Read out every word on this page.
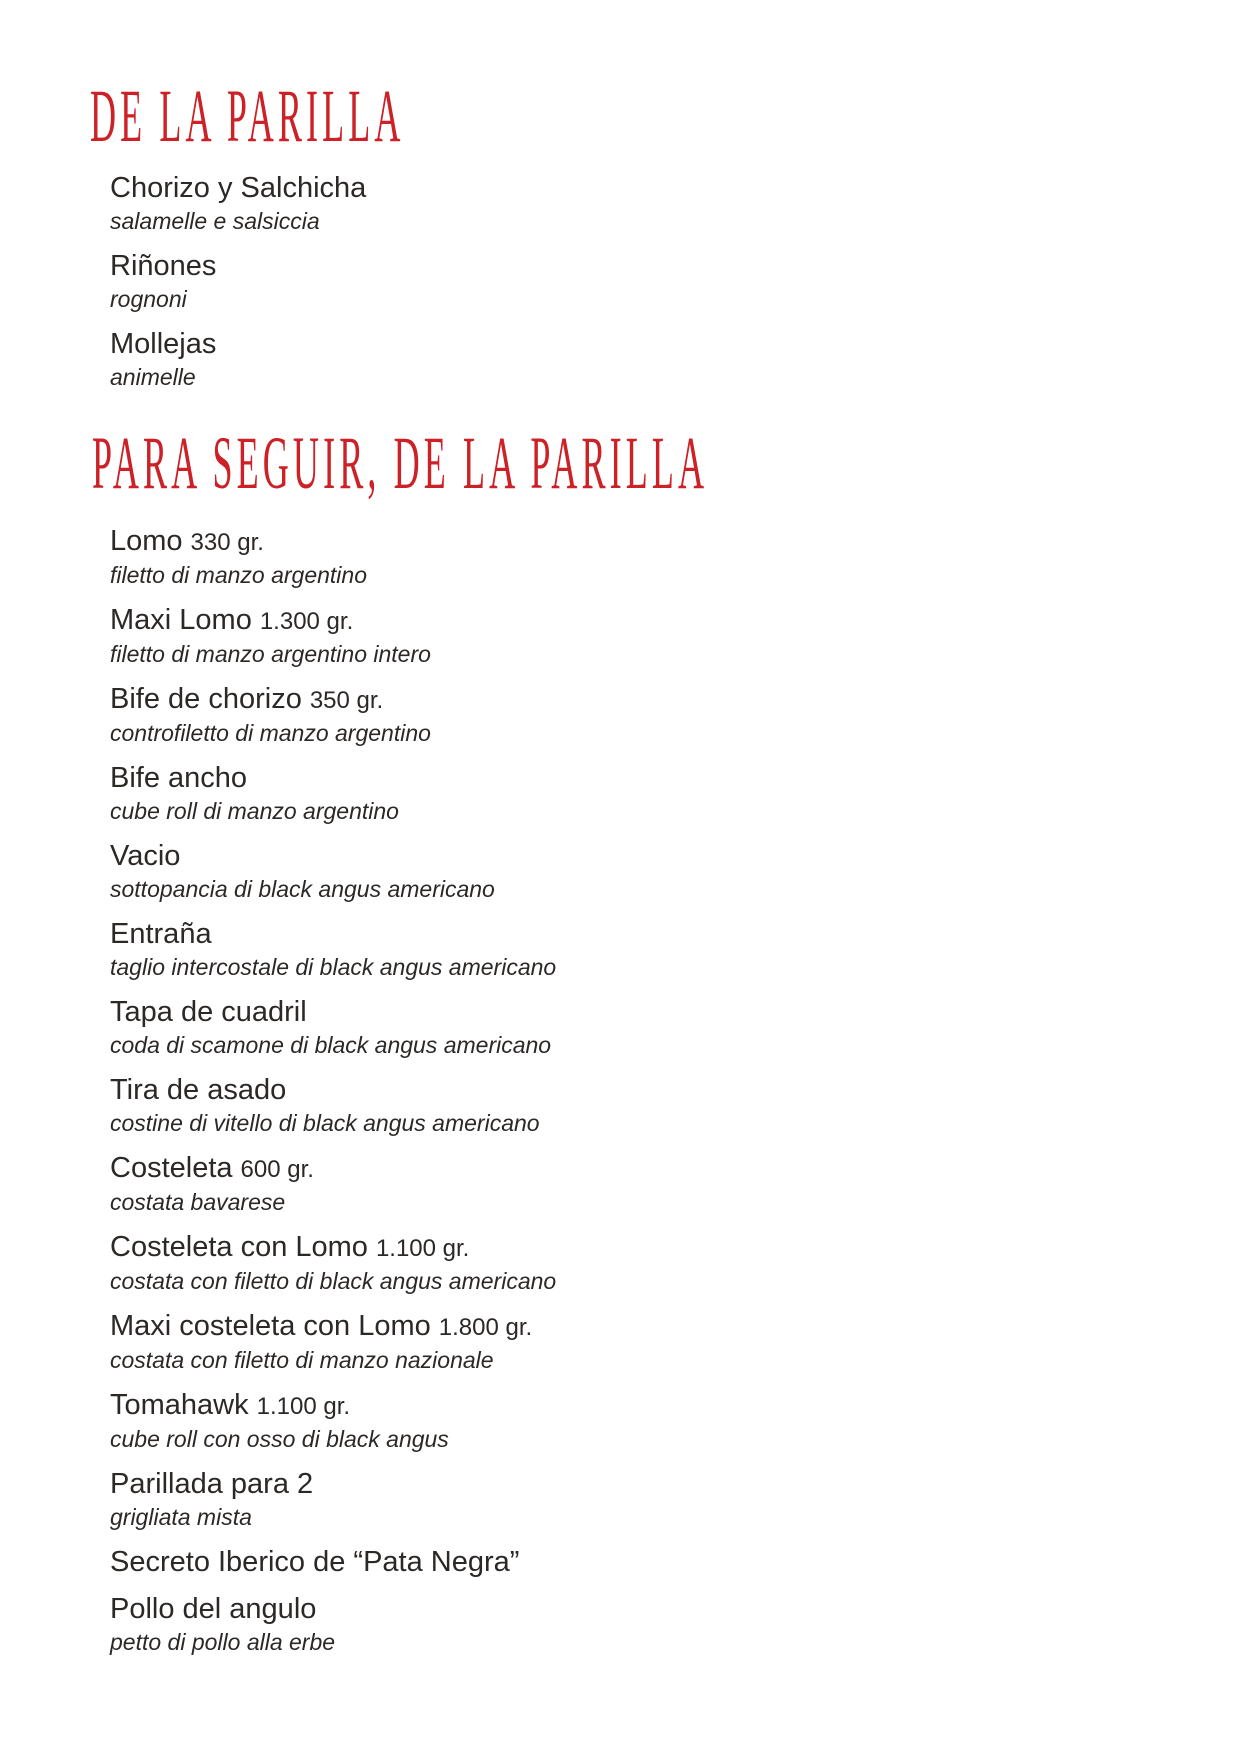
DE LA PARILLA
Chorizo y Salchicha
salamelle e salsiccia
Riñones
rognoni
Mollejas
animelle
PARA SEGUIR, DE LA PARILLA
Lomo 330 gr.
filetto di manzo argentino
Maxi Lomo 1.300 gr.
filetto di manzo argentino intero
Bife de chorizo 350 gr.
controfiletto di manzo argentino
Bife ancho
cube roll di manzo argentino
Vacio
sottopancia di black angus americano
Entraña
taglio intercostale di black angus americano
Tapa de cuadril
coda di scamone di black angus americano
Tira de asado
costine di vitello di black angus americano
Costeleta 600 gr.
costata bavarese
Costeleta con Lomo 1.100 gr.
costata con filetto di black angus americano
Maxi costeleta con Lomo 1.800 gr.
costata con filetto di manzo nazionale
Tomahawk 1.100 gr.
cube roll con osso di black angus
Parillada para 2
grigliata mista
Secreto Iberico de “Pata Negra”
Pollo del angulo
petto di pollo alla erbe
